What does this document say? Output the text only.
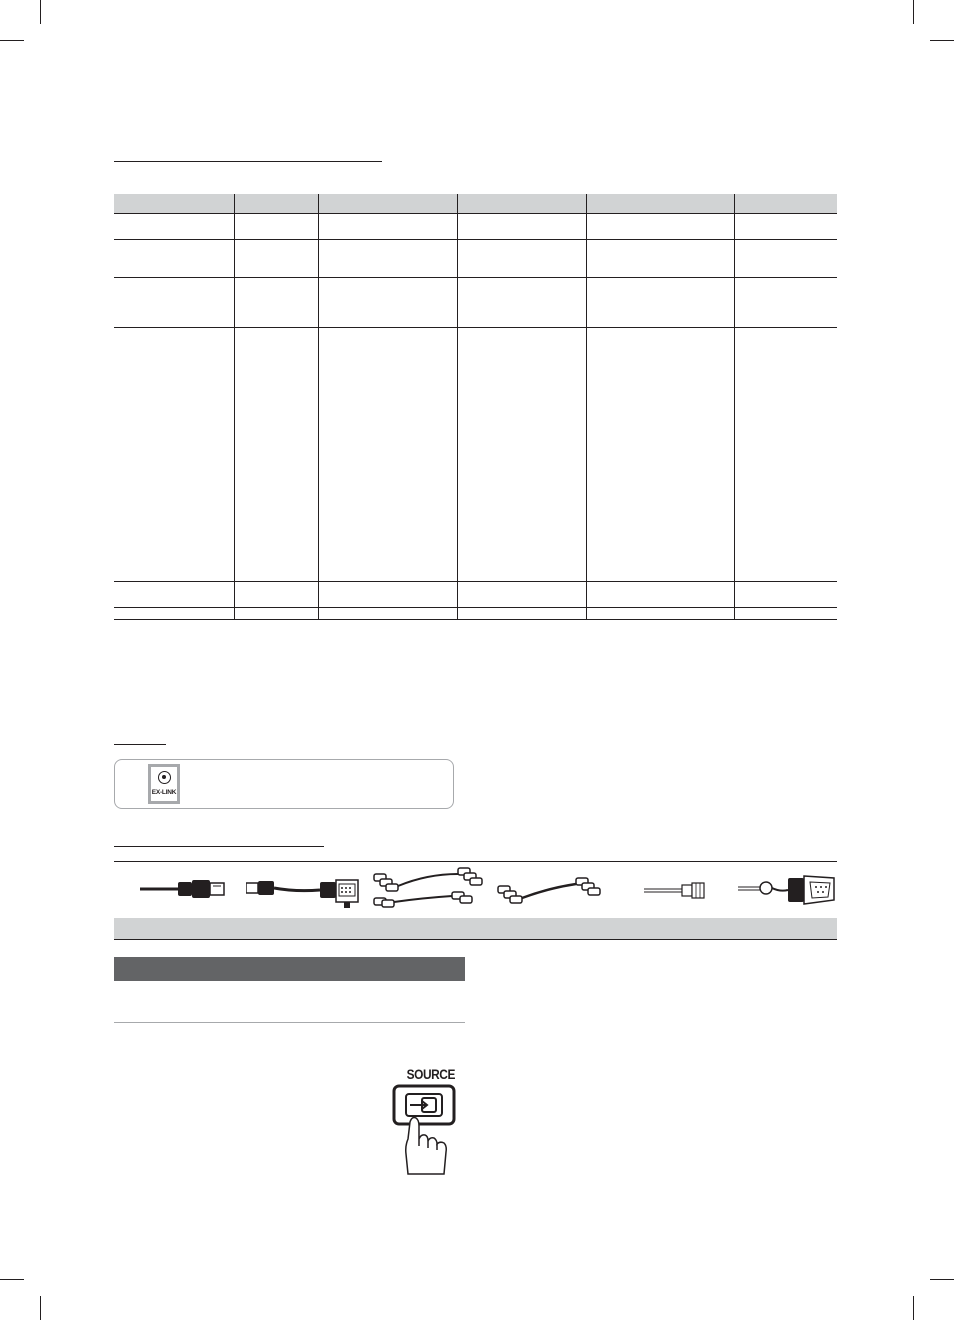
EX-LINK
SOURCE
